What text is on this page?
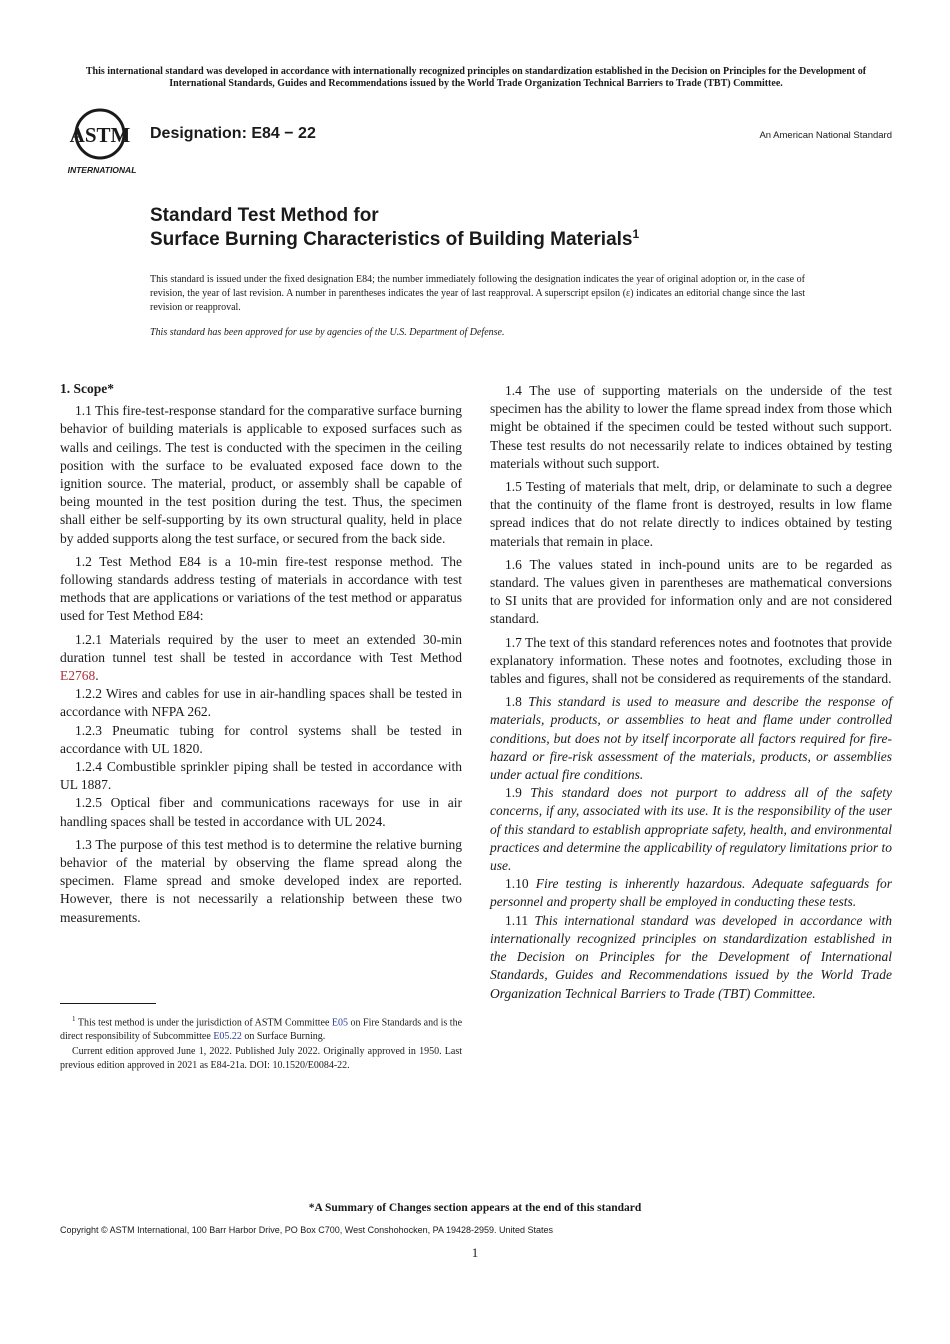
This international standard was developed in accordance with internationally recognized principles on standardization established in the Decision on Principles for the Development of International Standards, Guides and Recommendations issued by the World Trade Organization Technical Barriers to Trade (TBT) Committee.
ASTM
INTERNATIONAL
Designation: E84 − 22	An American National Standard
Standard Test Method for
Surface Burning Characteristics of Building Materials$^1$
This standard is issued under the fixed designation E84; the number immediately following the designation indicates the year of original adoption or, in the case of revision, the year of last revision. A number in parentheses indicates the year of last reapproval. A superscript epsilon (ε) indicates an editorial change since the last revision or reapproval.
This standard has been approved for use by agencies of the U.S. Department of Defense.
1. Scope*

1.1 This fire-test-response standard for the comparative surface burning behavior of building materials is applicable to exposed surfaces such as walls and ceilings. The test is conducted with the specimen in the ceiling position with the surface to be evaluated exposed face down to the ignition source. The material, product, or assembly shall be capable of being mounted in the test position during the test. Thus, the specimen shall either be self-supporting by its own structural quality, held in place by added supports along the test surface, or secured from the back side.

1.2 Test Method E84 is a 10-min fire-test response method. The following standards address testing of materials in accordance with test methods that are applications or variations of the test method or apparatus used for Test Method E84:

1.2.1 Materials required by the user to meet an extended 30-min duration tunnel test shall be tested in accordance with Test Method E2768.

1.2.2 Wires and cables for use in air-handling spaces shall be tested in accordance with NFPA 262.

1.2.3 Pneumatic tubing for control systems shall be tested in accordance with UL 1820.

1.2.4 Combustible sprinkler piping shall be tested in accordance with UL 1887.

1.2.5 Optical fiber and communications raceways for use in air handling spaces shall be tested in accordance with UL 2024.

1.3 The purpose of this test method is to determine the relative burning behavior of the material by observing the flame spread along the specimen. Flame spread and smoke developed index are reported. However, there is not necessarily a relationship between these two measurements.

1.4 The use of supporting materials on the underside of the test specimen has the ability to lower the flame spread index from those which might be obtained if the specimen could be tested without such support. These test results do not necessarily relate to indices obtained by testing materials without such support.

1.5 Testing of materials that melt, drip, or delaminate to such a degree that the continuity of the flame front is destroyed, results in low flame spread indices that do not relate directly to indices obtained by testing materials that remain in place.

1.6 The values stated in inch-pound units are to be regarded as standard. The values given in parentheses are mathematical conversions to SI units that are provided for information only and are not considered standard.

1.7 The text of this standard references notes and footnotes that provide explanatory information. These notes and footnotes, excluding those in tables and figures, shall not be considered as requirements of the standard.

1.8 This standard is used to measure and describe the response of materials, products, or assemblies to heat and flame under controlled conditions, but does not by itself incorporate all factors required for fire-hazard or fire-risk assessment of the materials, products, or assemblies under actual fire conditions.

1.9 This standard does not purport to address all of the safety concerns, if any, associated with its use. It is the responsibility of the user of this standard to establish appropriate safety, health, and environmental practices and determine the applicability of regulatory limitations prior to use.

1.10 Fire testing is inherently hazardous. Adequate safeguards for personnel and property shall be employed in conducting these tests.

1.11 This international standard was developed in accordance with internationally recognized principles on standardization established in the Decision on Principles for the Development of International Standards, Guides and Recommendations issued by the World Trade Organization Technical Barriers to Trade (TBT) Committee.

$^1$ This test method is under the jurisdiction of ASTM Committee E05 on Fire Standards and is the direct responsibility of Subcommittee E05.22 on Surface Burning.

Current edition approved June 1, 2022. Published July 2022. Originally approved in 1950. Last previous edition approved in 2021 as E84-21a. DOI: 10.1520/E0084-22.

*A Summary of Changes section appears at the end of this standard
Copyright © ASTM International, 100 Barr Harbor Drive, PO Box C700, West Conshohocken, PA 19428-2959. United States
1
